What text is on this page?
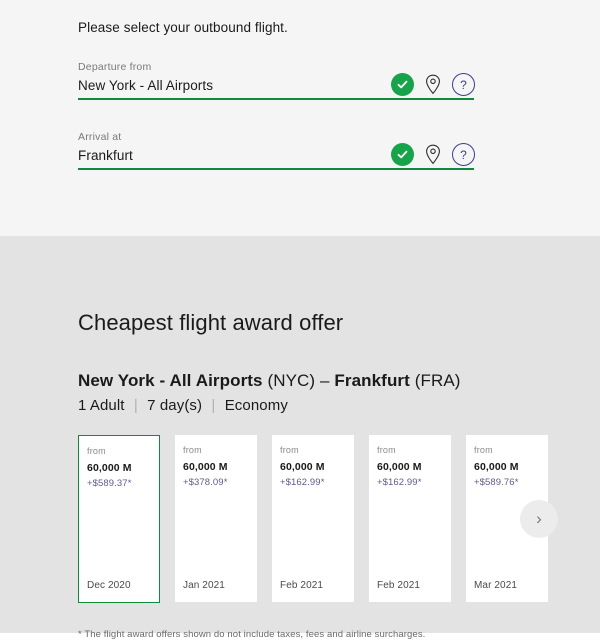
Please select your outbound flight.
Departure from
New York - All Airports
?
Arrival at
Frankfurt
?
Cheapest flight award offer
New York - All Airports (NYC) – Frankfurt (FRA)
1 Adult | 7 day(s) | Economy
from
60,000 M
+$589.37*
Dec 2020
from
60,000 M
+$378.09*
Jan 2021
from
60,000 M
+$162.99*
Feb 2021
from
60,000 M
+$162.99*
Feb 2021
from
60,000 M
+$589.76*
Mar 2021
›
* The flight award offers shown do not include taxes, fees and airline surcharges.
